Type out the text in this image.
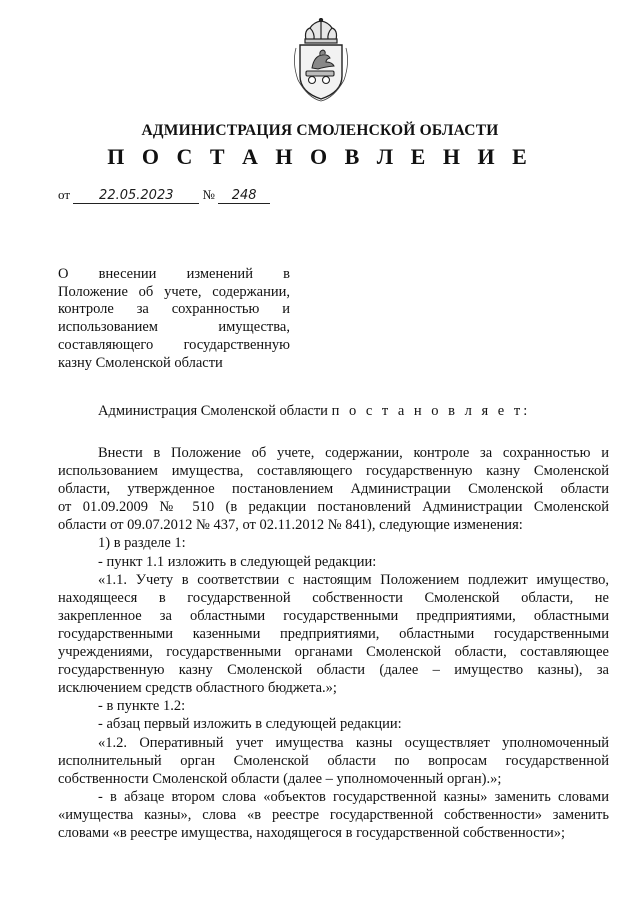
АДМИНИСТРАЦИЯ СМОЛЕНСКОЙ ОБЛАСТИ
П О С Т А Н О В Л Е Н И Е
от 22.05.2023 № 248
О внесении изменений в
Положение об учете, содержании,
контроле за сохранностью и
использованием имущества,
составляющего государственную
казну Смоленской области
Администрация Смоленской области п о с т а н о в л я е т:
Внести в Положение об учете, содержании, контроле за сохранностью и
использованием имущества, составляющего государственную казну Смоленской
области, утвержденное постановлением Администрации Смоленской области
от 01.09.2009 № 510 (в редакции постановлений Администрации Смоленской
области от 09.07.2012 № 437, от 02.11.2012 № 841), следующие изменения:
1) в разделе 1:
- пункт 1.1 изложить в следующей редакции:
«1.1. Учету в соответствии с настоящим Положением подлежит имущество,
находящееся в государственной собственности Смоленской области, не
закрепленное за областными государственными предприятиями, областными
государственными казенными предприятиями, областными государственными
учреждениями, государственными органами Смоленской области, составляющее
государственную казну Смоленской области (далее – имущество казны), за
исключением средств областного бюджета.»;
- в пункте 1.2:
- абзац первый изложить в следующей редакции:
«1.2. Оперативный учет имущества казны осуществляет уполномоченный
исполнительный орган Смоленской области по вопросам государственной
собственности Смоленской области (далее – уполномоченный орган).»;
- в абзаце втором слова «объектов государственной казны» заменить словами
«имущества казны», слова «в реестре государственной собственности» заменить
словами «в реестре имущества, находящегося в государственной собственности»;
